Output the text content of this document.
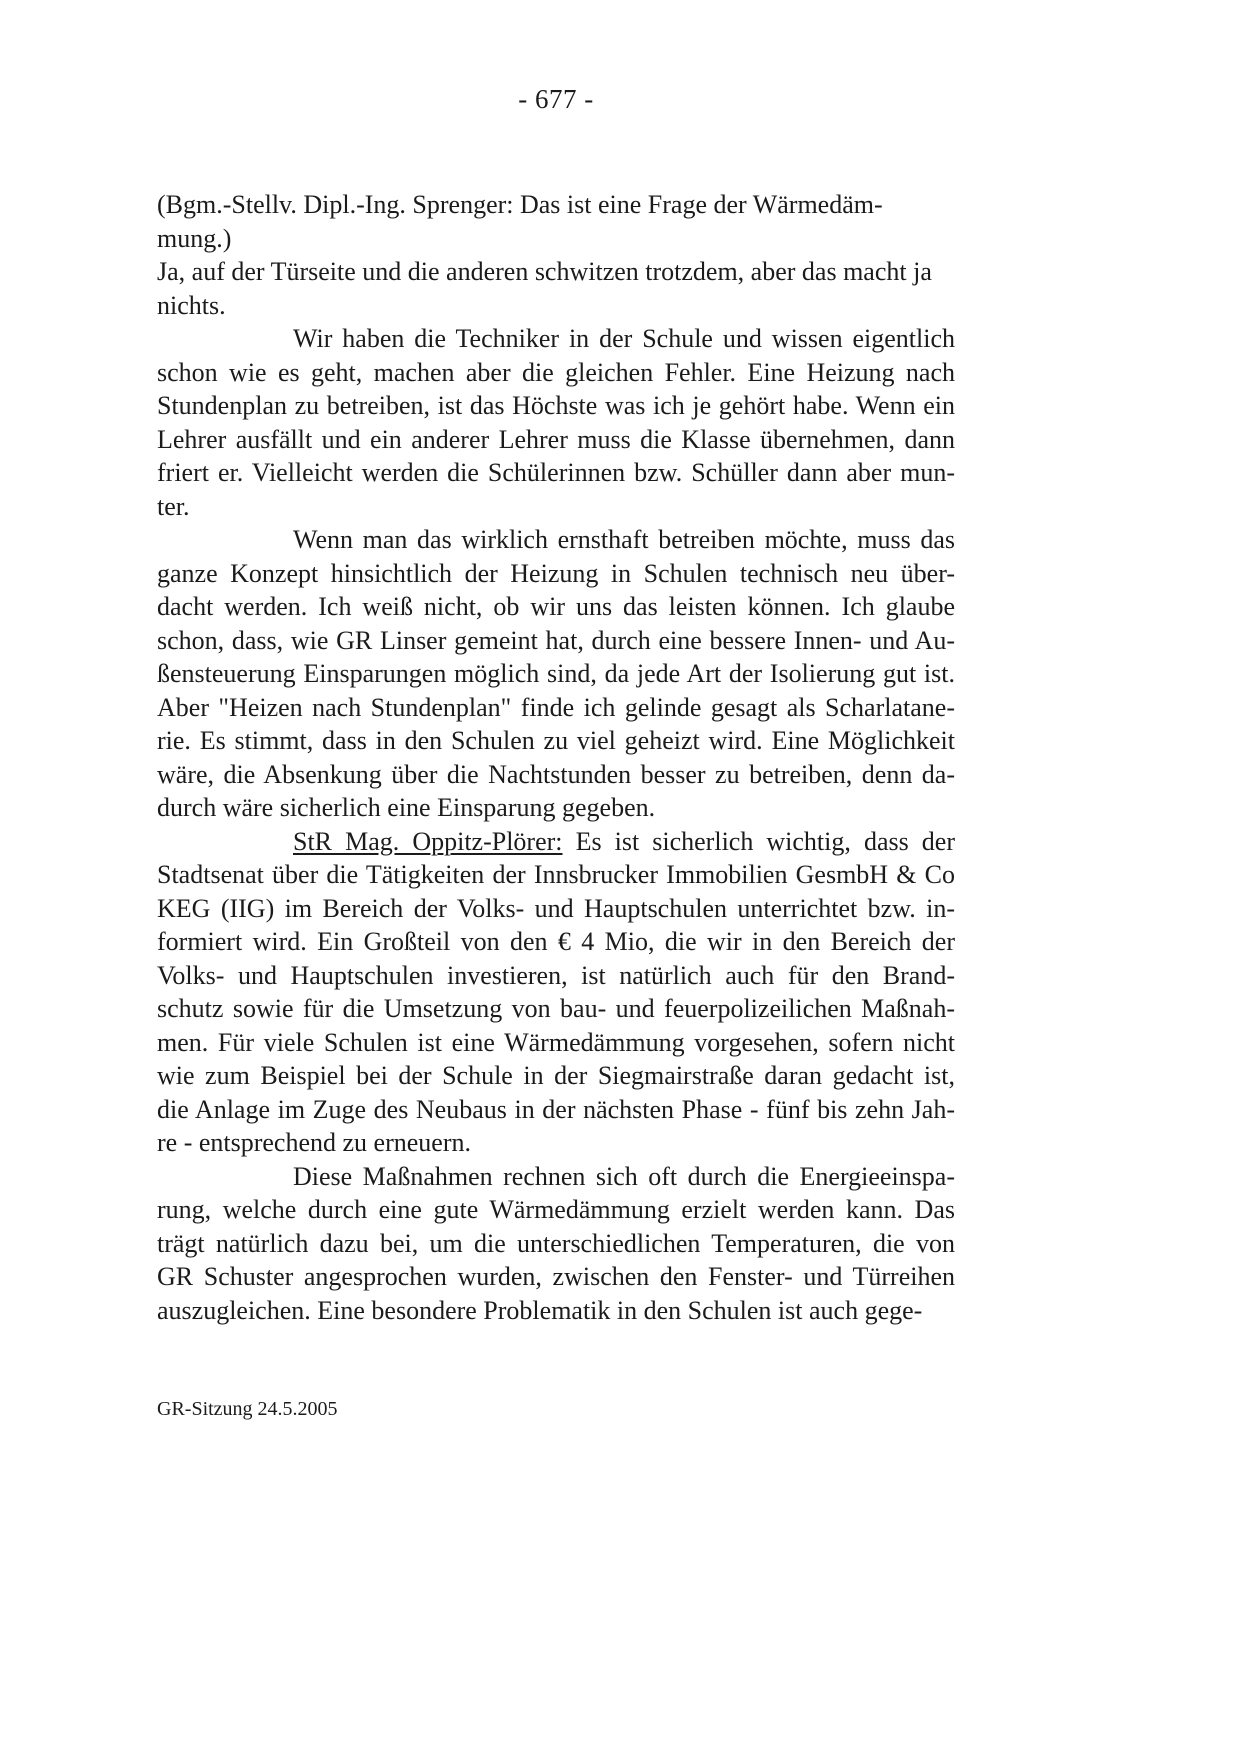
- 677 -
(Bgm.-Stellv. Dipl.-Ing. Sprenger: Das ist eine Frage der Wärmedäm-
mung.)
Ja, auf der Türseite und die anderen schwitzen trotzdem, aber das macht ja
nichts.
Wir haben die Techniker in der Schule und wissen eigentlich
schon wie es geht, machen aber die gleichen Fehler. Eine Heizung nach
Stundenplan zu betreiben, ist das Höchste was ich je gehört habe. Wenn ein
Lehrer ausfällt und ein anderer Lehrer muss die Klasse übernehmen, dann
friert er. Vielleicht werden die Schülerinnen bzw. Schüller dann aber mun-
ter.
Wenn man das wirklich ernsthaft betreiben möchte, muss das
ganze Konzept hinsichtlich der Heizung in Schulen technisch neu über-
dacht werden. Ich weiß nicht, ob wir uns das leisten können. Ich glaube
schon, dass, wie GR Linser gemeint hat, durch eine bessere Innen- und Au-
ßensteuerung Einsparungen möglich sind, da jede Art der Isolierung gut ist.
Aber "Heizen nach Stundenplan" finde ich gelinde gesagt als Scharlatane-
rie. Es stimmt, dass in den Schulen zu viel geheizt wird. Eine Möglichkeit
wäre, die Absenkung über die Nachtstunden besser zu betreiben, denn da-
durch wäre sicherlich eine Einsparung gegeben.
StR Mag. Oppitz-Plörer: Es ist sicherlich wichtig, dass der
Stadtsenat über die Tätigkeiten der Innsbrucker Immobilien GesmbH & Co
KEG (IIG) im Bereich der Volks- und Hauptschulen unterrichtet bzw. in-
formiert wird. Ein Großteil von den € 4 Mio, die wir in den Bereich der
Volks- und Hauptschulen investieren, ist natürlich auch für den Brand-
schutz sowie für die Umsetzung von bau- und feuerpolizeilichen Maßnah-
men. Für viele Schulen ist eine Wärmedämmung vorgesehen, sofern nicht
wie zum Beispiel bei der Schule in der Siegmairstraße daran gedacht ist,
die Anlage im Zuge des Neubaus in der nächsten Phase - fünf bis zehn Jah-
re - entsprechend zu erneuern.
Diese Maßnahmen rechnen sich oft durch die Energieeinspa-
rung, welche durch eine gute Wärmedämmung erzielt werden kann. Das
trägt natürlich dazu bei, um die unterschiedlichen Temperaturen, die von
GR Schuster angesprochen wurden, zwischen den Fenster- und Türreihen
auszugleichen. Eine besondere Problematik in den Schulen ist auch gege-
GR-Sitzung 24.5.2005
